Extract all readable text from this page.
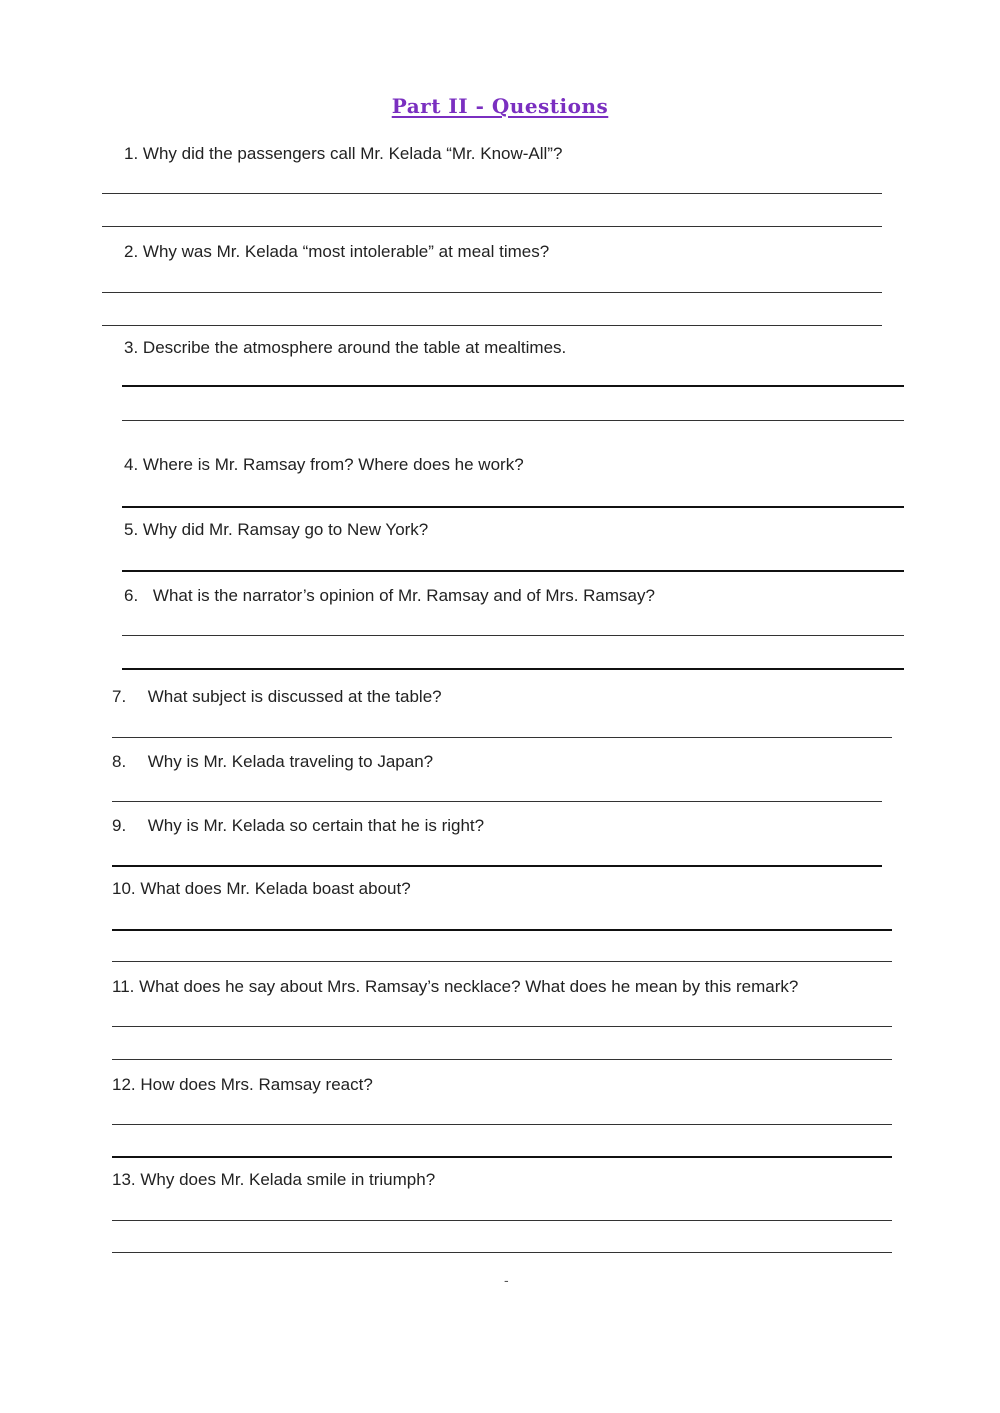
Part II - Questions
1. Why did the passengers call Mr. Kelada “Mr. Know-All”?
2. Why was Mr. Kelada “most intolerable” at meal times?
3. Describe the atmosphere around the table at mealtimes.
4. Where is Mr. Ramsay from? Where does he work?
5. Why did Mr. Ramsay go to New York?
6. What is the narrator’s opinion of Mr. Ramsay and of Mrs. Ramsay?
7. What subject is discussed at the table?
8. Why is Mr. Kelada traveling to Japan?
9. Why is Mr. Kelada so certain that he is right?
10. What does Mr. Kelada boast about?
11. What does he say about Mrs. Ramsay’s necklace? What does he mean by this remark?
12. How does Mrs. Ramsay react?
13. Why does Mr. Kelada smile in triumph?
-
